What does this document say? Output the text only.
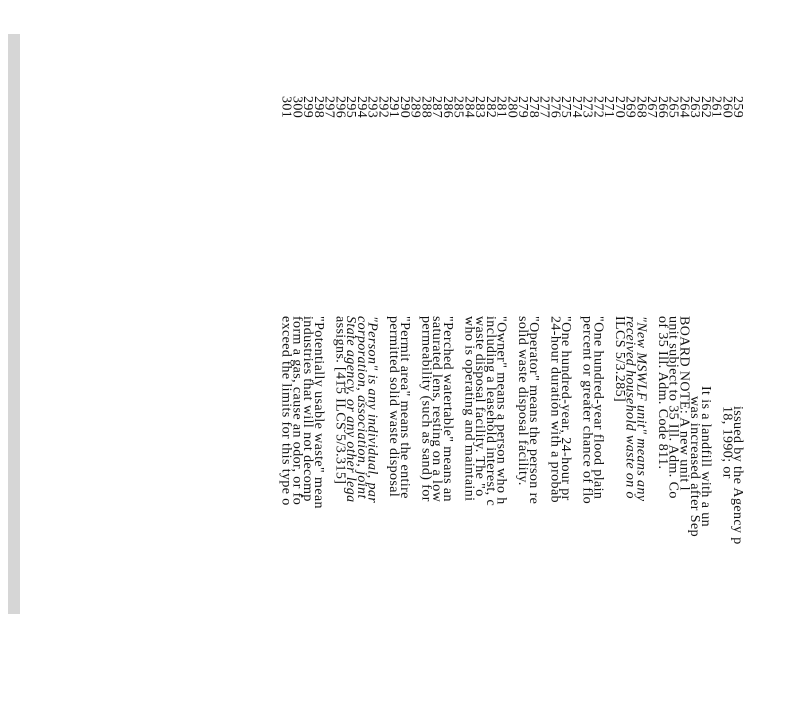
259
260
261
262
263
264
265
266
267
268
269
270
271
272
273
274
275
276
277
278
279
280
281
282
283
284
285
286
287
288
289
290
291
292
293
294
295
296
297
298
299
300
301
issued by the Agency p
18, 1990; or

It is a landfill with a un
was increased after Sep
BOARD NOTE: A new unit l
unit subject to 35 Ill. Adm. Co
of 35 Ill. Adm. Code 811.

"New MSWLF unit" means any
received household waste on o
ILCS 5/3.285]

"One hundred-year flood plain
percent or greater chance of flo

"One hundred-year, 24-hour pr
24-hour duration with a probab

"Operator" means the person re
solid waste disposal facility.

"Owner" means a person who h
including a leasehold interest, c
waste disposal facility. The "o
who is operating and maintaini

"Perched watertable" means an
saturated lens, resting on a low
permeability (such as sand) for

"Permit area" means the entire
permitted solid waste disposal

"Person" is any individual, par
corporation, association, joint
State agency, or any other lega
assigns. [415 ILCS 5/3.315]

"Potentially usable waste" mean
industries that will not decomp
form a gas, cause an odor, or fo
exceed the limits for this type o
